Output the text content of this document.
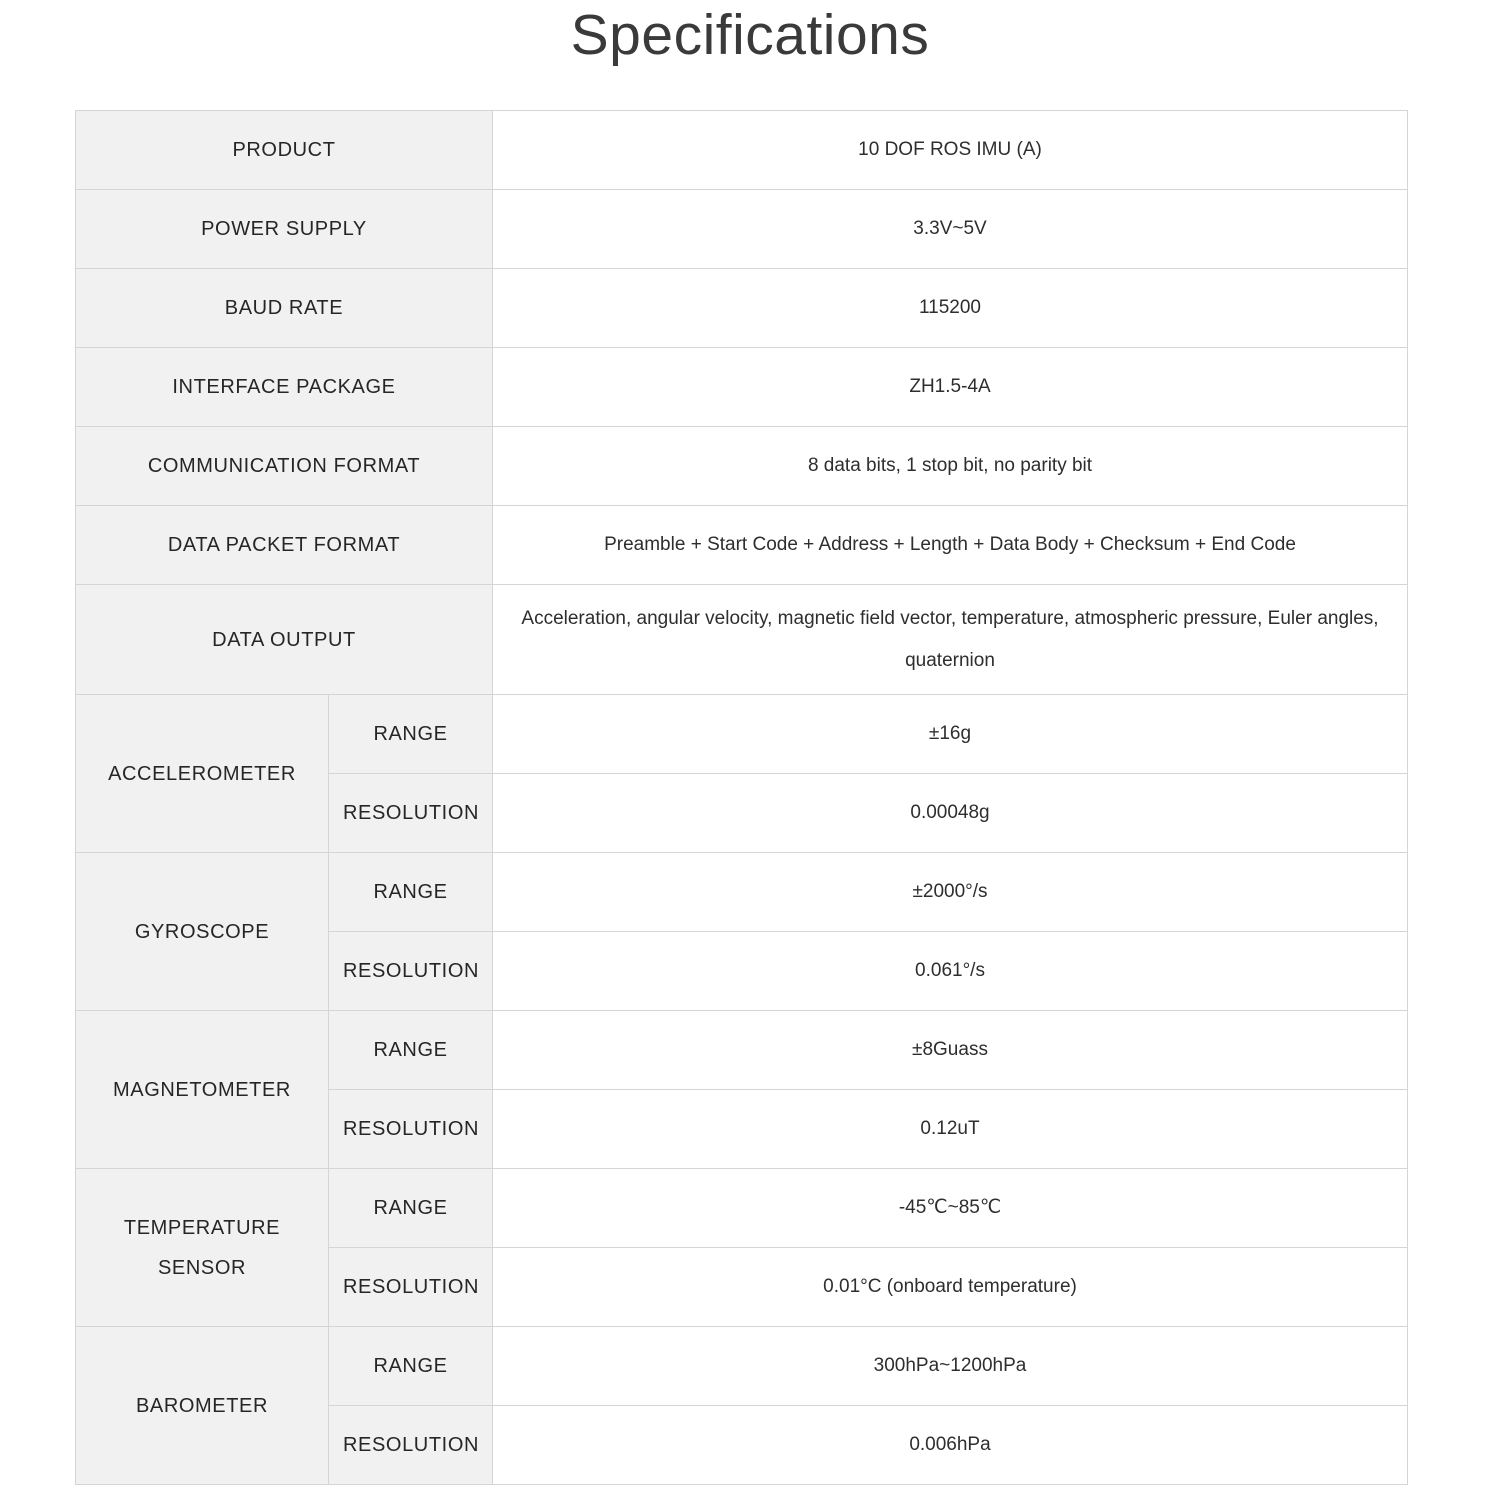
Specifications
PRODUCT		10 DOF ROS IMU (A)
POWER SUPPLY		3.3V~5V
BAUD RATE		115200
INTERFACE PACKAGE		ZH1.5-4A
COMMUNICATION FORMAT		8 data bits, 1 stop bit, no parity bit
DATA PACKET FORMAT		Preamble + Start Code + Address + Length + Data Body + Checksum + End Code
DATA OUTPUT		Acceleration, angular velocity, magnetic field vector, temperature, atmospheric pressure, Euler angles, quaternion
ACCELEROMETER	RANGE	±16g
	RESOLUTION	0.00048g
GYROSCOPE	RANGE	±2000°/s
	RESOLUTION	0.061°/s
MAGNETOMETER	RANGE	±8Guass
	RESOLUTION	0.12uT
TEMPERATURE SENSOR	RANGE	-45℃~85℃
	RESOLUTION	0.01°C (onboard temperature)
BAROMETER	RANGE	300hPa~1200hPa
	RESOLUTION	0.006hPa
